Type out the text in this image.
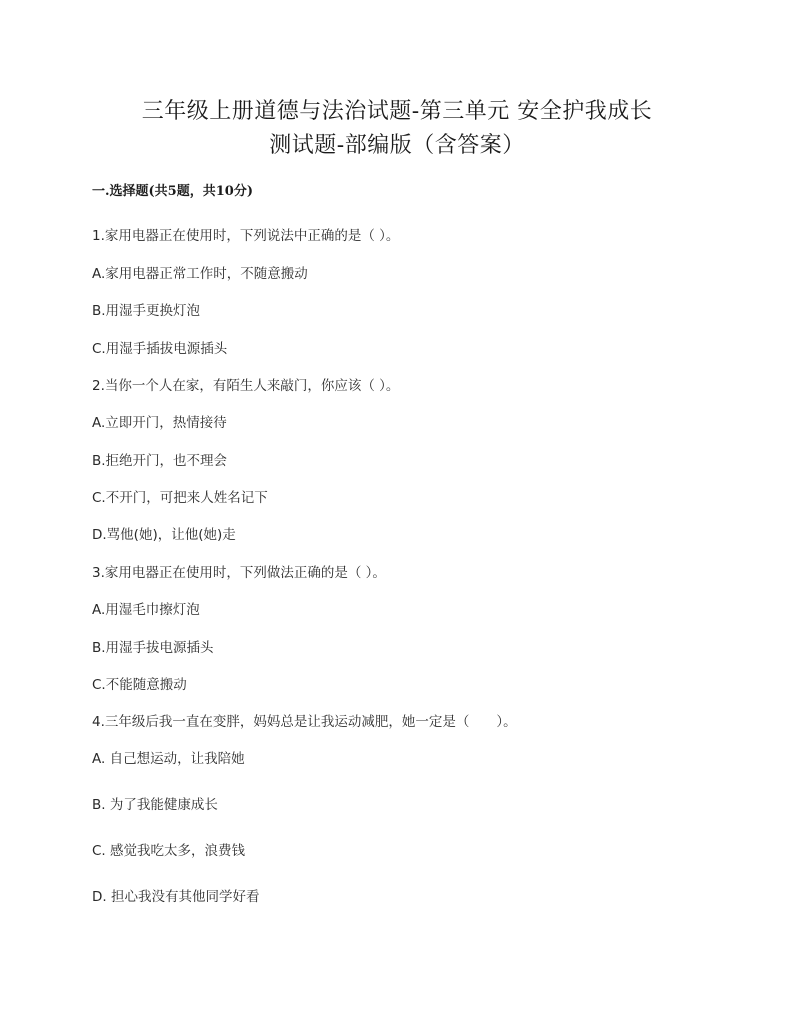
三年级上册道德与法治试题-第三单元 安全护我成长
测试题-部编版（含答案）
一.选择题(共5题，共10分)
1.家用电器正在使用时，下列说法中正确的是（ ）。
A.家用电器正常工作时，不随意搬动
B.用湿手更换灯泡
C.用湿手插拔电源插头
2.当你一个人在家，有陌生人来敲门，你应该（ ）。
A.立即开门，热情接待
B.拒绝开门，也不理会
C.不开门，可把来人姓名记下
D.骂他(她)，让他(她)走
3.家用电器正在使用时，下列做法正确的是（ ）。
A.用湿毛巾擦灯泡
B.用湿手拔电源插头
C.不能随意搬动
4.三年级后我一直在变胖，妈妈总是让我运动减肥，她一定是（　　）。
A. 自己想运动，让我陪她
B. 为了我能健康成长
C. 感觉我吃太多，浪费钱
D. 担心我没有其他同学好看
